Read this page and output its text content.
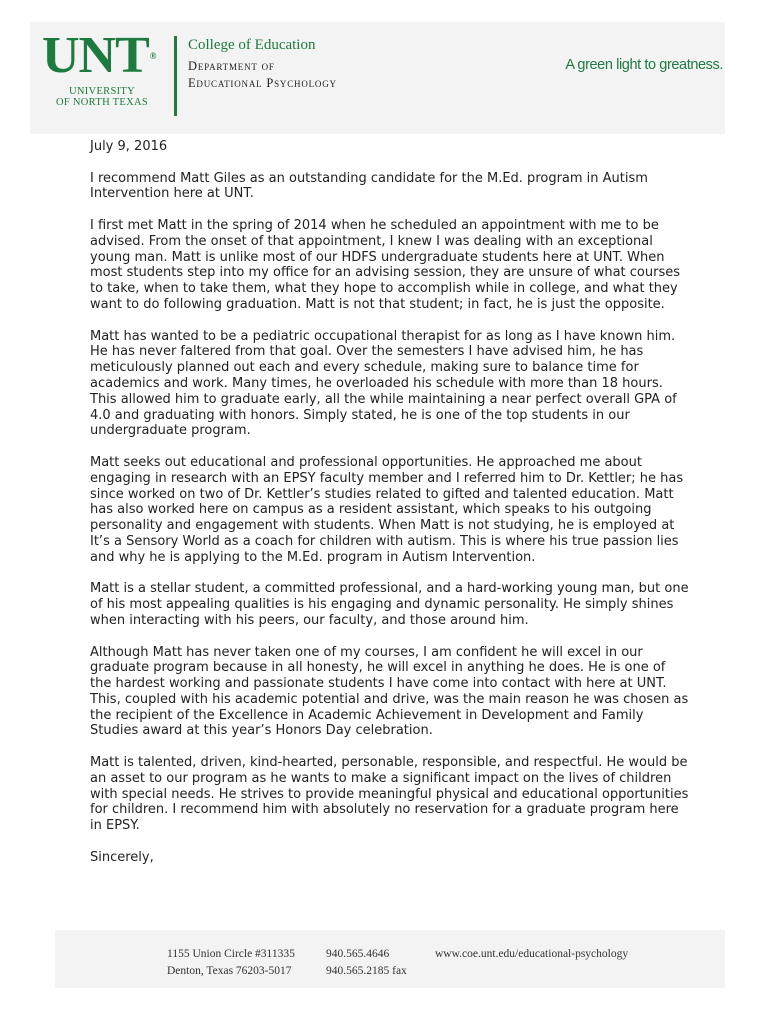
UNT®
UNIVERSITY
OF NORTH TEXAS
College of Education
Department of
Educational Psychology
A green light to greatness.

July 9, 2016

I recommend Matt Giles as an outstanding candidate for the M.Ed. program in Autism Intervention here at UNT.

I first met Matt in the spring of 2014 when he scheduled an appointment with me to be advised. From the onset of that appointment, I knew I was dealing with an exceptional young man. Matt is unlike most of our HDFS undergraduate students here at UNT. When most students step into my office for an advising session, they are unsure of what courses to take, when to take them, what they hope to accomplish while in college, and what they want to do following graduation. Matt is not that student; in fact, he is just the opposite.

Matt has wanted to be a pediatric occupational therapist for as long as I have known him. He has never faltered from that goal. Over the semesters I have advised him, he has meticulously planned out each and every schedule, making sure to balance time for academics and work. Many times, he overloaded his schedule with more than 18 hours. This allowed him to graduate early, all the while maintaining a near perfect overall GPA of 4.0 and graduating with honors. Simply stated, he is one of the top students in our undergraduate program.

Matt seeks out educational and professional opportunities. He approached me about engaging in research with an EPSY faculty member and I referred him to Dr. Kettler; he has since worked on two of Dr. Kettler’s studies related to gifted and talented education. Matt has also worked here on campus as a resident assistant, which speaks to his outgoing personality and engagement with students. When Matt is not studying, he is employed at It’s a Sensory World as a coach for children with autism. This is where his true passion lies and why he is applying to the M.Ed. program in Autism Intervention.

Matt is a stellar student, a committed professional, and a hard-working young man, but one of his most appealing qualities is his engaging and dynamic personality. He simply shines when interacting with his peers, our faculty, and those around him.

Although Matt has never taken one of my courses, I am confident he will excel in our graduate program because in all honesty, he will excel in anything he does. He is one of the hardest working and passionate students I have come into contact with here at UNT. This, coupled with his academic potential and drive, was the main reason he was chosen as the recipient of the Excellence in Academic Achievement in Development and Family Studies award at this year’s Honors Day celebration.

Matt is talented, driven, kind-hearted, personable, responsible, and respectful. He would be an asset to our program as he wants to make a significant impact on the lives of children with special needs. He strives to provide meaningful physical and educational opportunities for children. I recommend him with absolutely no reservation for a graduate program here in EPSY.

Sincerely,

1155 Union Circle #311335
Denton, Texas 76203-5017
940.565.4646
940.565.2185 fax
www.coe.unt.edu/educational-psychology
